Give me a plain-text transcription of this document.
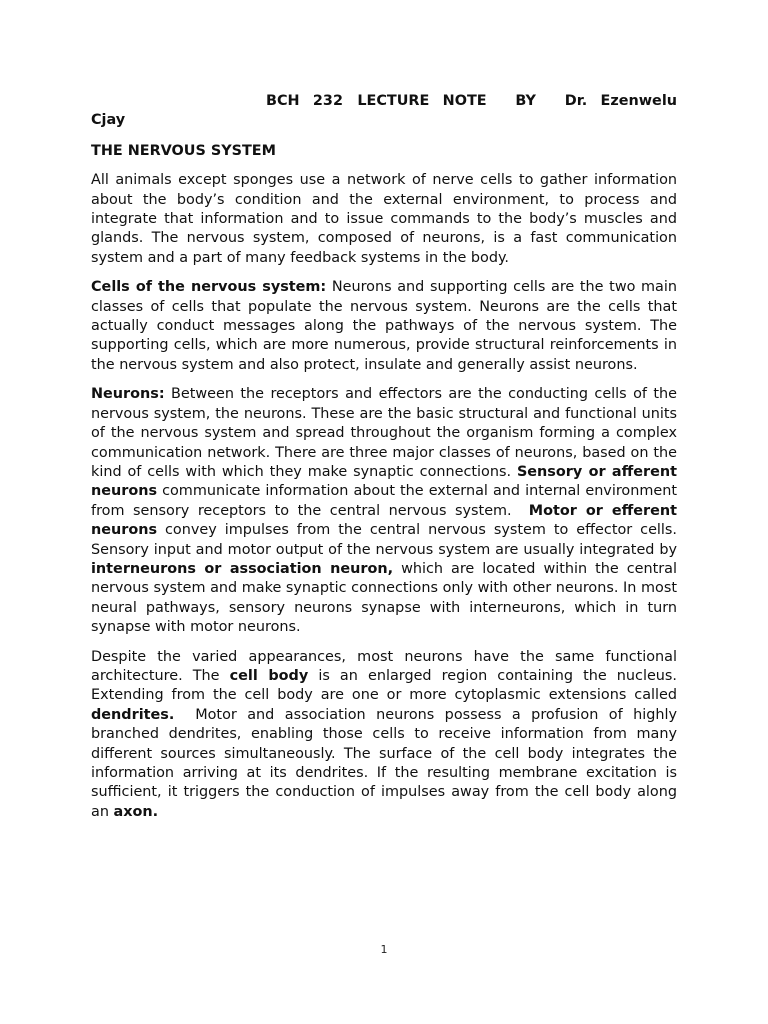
BCH 232 LECTURE NOTE  BY  Dr. Ezenwelu Cjay

THE NERVOUS SYSTEM

All animals except sponges use a network of nerve cells to gather information about the body’s condition and the external environment, to process and integrate that information and to issue commands to the body’s muscles and glands. The nervous system, composed of neurons, is a fast communication system and a part of many feedback systems in the body.

Cells of the nervous system: Neurons and supporting cells are the two main classes of cells that populate the nervous system. Neurons are the cells that actually conduct messages along the pathways of the nervous system. The supporting cells, which are more numerous, provide structural reinforcements in the nervous system and also protect, insulate and generally assist neurons.

Neurons: Between the receptors and effectors are the conducting cells of the nervous system, the neurons. These are the basic structural and functional units of the nervous system and spread throughout the organism forming a complex communication network. There are three major classes of neurons, based on the kind of cells with which they make synaptic connections. Sensory or afferent neurons communicate information about the external and internal environment from sensory receptors to the central nervous system.  Motor or efferent neurons convey impulses from the central nervous system to effector cells. Sensory input and motor output of the nervous system are usually integrated by interneurons or association neuron, which are located within the central nervous system and make synaptic connections only with other neurons. In most neural pathways, sensory neurons synapse with interneurons, which in turn synapse with motor neurons.

Despite the varied appearances, most neurons have the same functional architecture. The cell body is an enlarged region containing the nucleus. Extending from the cell body are one or more cytoplasmic extensions called dendrites.  Motor and association neurons possess a profusion of highly branched dendrites, enabling those cells to receive information from many different sources simultaneously. The surface of the cell body integrates the information arriving at its dendrites. If the resulting membrane excitation is sufficient, it triggers the conduction of impulses away from the cell body along an axon.

1
